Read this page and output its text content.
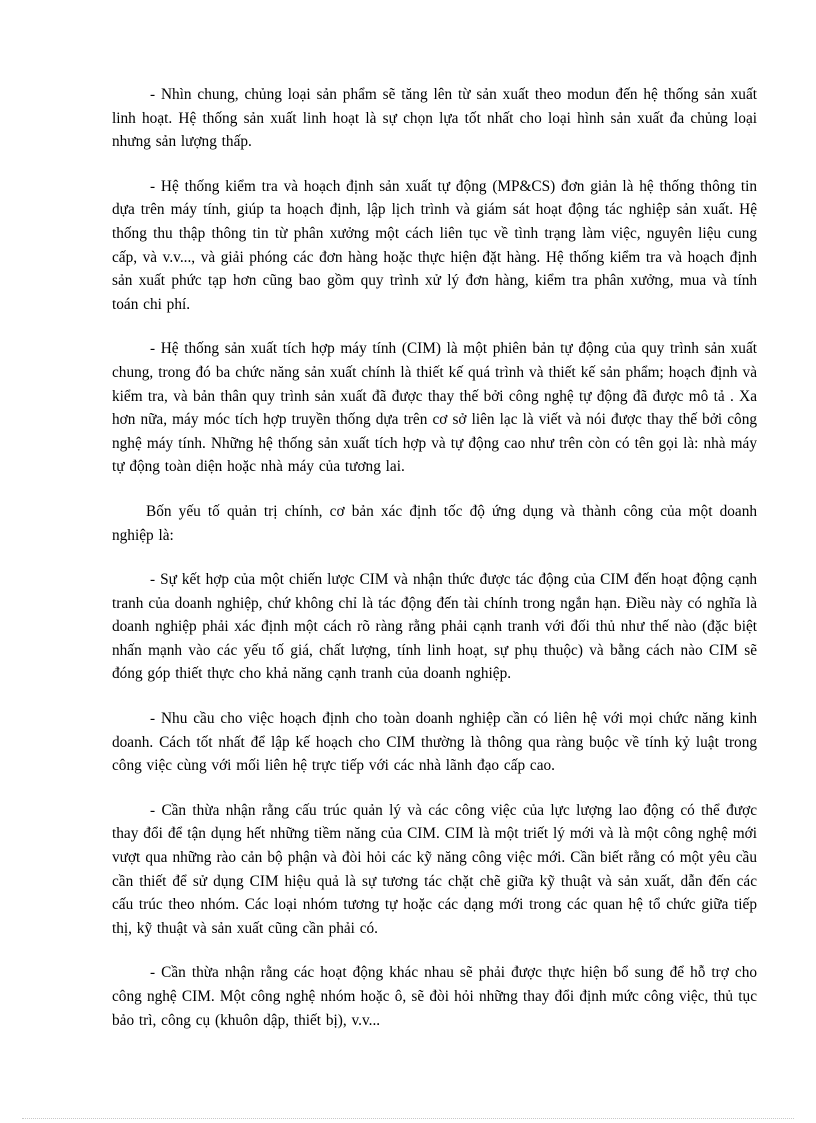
- Nhìn chung, chủng loại sản phẩm sẽ tăng lên từ sản xuất theo modun đến hệ thống sản xuất linh hoạt. Hệ thống sản xuất linh hoạt là sự chọn lựa tốt nhất cho loại hình sản xuất đa chủng loại nhưng sản lượng thấp.

- Hệ thống kiểm tra và hoạch định sản xuất tự động (MP&CS) đơn giản là hệ thống thông tin dựa trên máy tính, giúp ta hoạch định, lập lịch trình và giám sát hoạt động tác nghiệp sản xuất. Hệ thống thu thập thông tin từ phân xưởng một cách liên tục về tình trạng làm việc, nguyên liệu cung cấp, và v.v..., và giải phóng các đơn hàng hoặc thực hiện đặt hàng. Hệ thống kiểm tra và hoạch định sản xuất phức tạp hơn cũng bao gồm quy trình xử lý đơn hàng, kiểm tra phân xưởng, mua và tính toán chi phí.

- Hệ thống sản xuất tích hợp máy tính (CIM) là một phiên bản tự động của quy trình sản xuất chung, trong đó ba chức năng sản xuất chính là thiết kế quá trình và thiết kế sản phẩm; hoạch định và kiểm tra, và bản thân quy trình sản xuất đã được thay thế bởi công nghệ tự động đã được mô tả . Xa hơn nữa, máy móc tích hợp truyền thống dựa trên cơ sở liên lạc là viết và nói được thay thế bởi công nghệ máy tính. Những hệ thống sản xuất tích hợp và tự động cao như trên còn có tên gọi là: nhà máy tự động toàn diện hoặc nhà máy của tương lai.

Bốn yếu tố quản trị chính, cơ bản xác định tốc độ ứng dụng và thành công của một doanh nghiệp là:

- Sự kết hợp của một chiến lược CIM và nhận thức được tác động của CIM đến hoạt động cạnh tranh của doanh nghiệp, chứ không chỉ là tác động đến tài chính trong ngắn hạn. Điều này có nghĩa là doanh nghiệp phải xác định một cách rõ ràng rằng phải cạnh tranh với đối thủ như thế nào (đặc biệt nhấn mạnh vào các yếu tố giá, chất lượng, tính linh hoạt, sự phụ thuộc) và bằng cách nào CIM sẽ đóng góp thiết thực cho khả năng cạnh tranh của doanh nghiệp.

- Nhu cầu cho việc hoạch định cho toàn doanh nghiệp cần có liên hệ với mọi chức năng kinh doanh. Cách tốt nhất để lập kế hoạch cho CIM thường là thông qua ràng buộc về tính kỷ luật trong công việc cùng với mối liên hệ trực tiếp với các nhà lãnh đạo cấp cao.

- Cần thừa nhận rằng cấu trúc quản lý và các công việc của lực lượng lao động có thể được thay đổi để tận dụng hết những tiềm năng của CIM. CIM là một triết lý mới và là một công nghệ mới vượt qua những rào cản bộ phận và đòi hỏi các kỹ năng công việc mới. Cần biết rằng có một yêu cầu cần thiết để sử dụng CIM hiệu quả là sự tương tác chặt chẽ giữa kỹ thuật và sản xuất, dẫn đến các cấu trúc theo nhóm. Các loại nhóm tương tự hoặc các dạng mới trong các quan hệ tổ chức giữa tiếp thị, kỹ thuật và sản xuất cũng cần phải có.

- Cần thừa nhận rằng các hoạt động khác nhau sẽ phải được thực hiện bổ sung để hỗ trợ cho công nghệ CIM. Một công nghệ nhóm hoặc ô, sẽ đòi hỏi những thay đổi định mức công việc, thủ tục bảo trì, công cụ (khuôn dập, thiết bị), v.v...
